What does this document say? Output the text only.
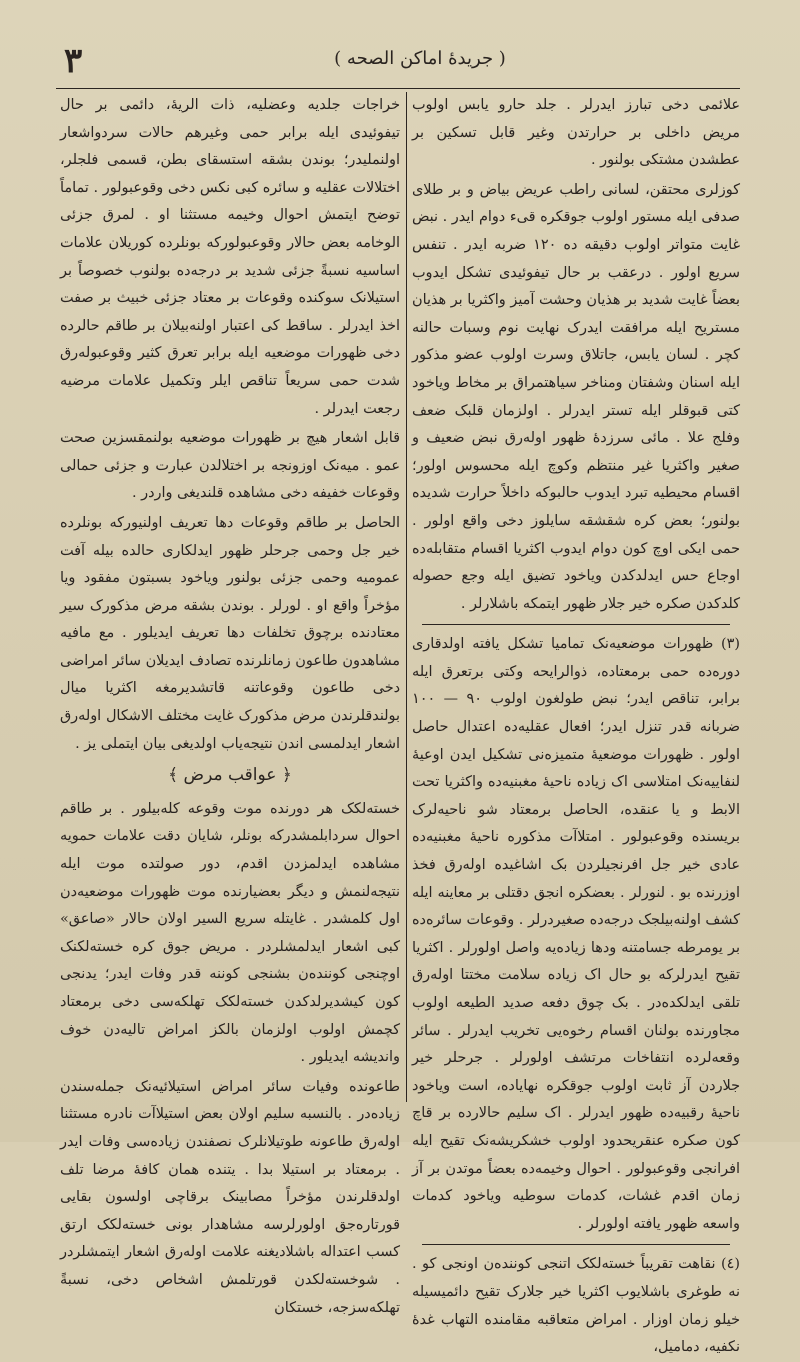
٣	( جریدهٔ اماکن الصحه )

علائمی دخی تبارز ایدرلر . جلد حارو یابس اولوب مریض داخلی بر حرارتدن وغیر قابل تسکین بر عطشدن مشتکی بولنور .

کوزلری محتقن، لسانی راطب عریض بیاض و بر طلای صدفی ایله مستور اولوب جوقکره قیء دوام ایدر . نبض غایت متواتر اولوب دقیقه ده ۱۲۰ ضربه ایدر . تنفس سریع اولور . درعقب بر حال تیفوئیدی تشکل ایدوب بعضاً غایت شدید بر هذیان وحشت آمیز واکثریا بر هذیان مستریح ایله مرافقت ایدرک نهایت نوم وسبات حالنه کچر . لسان یابس، جاتلاق وسرت اولوب عضو مذکور ایله اسنان وشفتان ومناخر سیاهتمراق بر مخاط وياخود کتی قبوقلر ایله تستر ایدرلر . اولزمان قلبک ضعف وفلج علا . مائی سرزدهٔ ظهور اوله‌رق نبض ضعیف و صغیر واکثریا غیر منتظم وکوچ ایله محسوس اولور؛ اقسام محیطیه تبرد ایدوب حالبوکه داخلاً حرارت شدیده بولنور؛ بعض کره شقشقه سایلوز دخی واقع اولور . حمی ایکی اوچ کون دوام ایدوب اکثریا اقسام متقابله‌ده اوجاع حس ایدلدکدن وياخود تضیق ایله وجع حصوله کلدکدن صکره خیر جلار ظهور ایتمکه باشلارلر .

(٣) ظهورات موضعیه‌نک تمامیا تشکل یافته اولدقاری دوره‌ده حمی برمعتاده، ذوالرایحه وکتی برتعرق ایله برابر، تناقص ایدر؛ نبض طولغون اولوب ۹۰ — ۱۰۰ ضربانه قدر تنزل ایدر؛ افعال عقلیه‌ده اعتدال حاصل اولور . ظهورات موضعیهٔ متمیزه‌نی تشکیل ایدن اوعیهٔ لنفاییه‌نک امتلاسی اک زیاده ناحیهٔ مغبنیه‌ده واکثریا تحت الابط و یا عنقده، الحاصل برمعتاد شو ناحیه‌لرک بریسنده وقوعبولور . امتلاآت مذکوره ناحیهٔ مغبنیه‌ده عادی خیر جل افرنجیلردن بک اشاغیده اوله‌رق فخذ اوزرنده بو . لنورلر . بعضکره انجق دقتلی بر معاینه ایله کشف اولنه‌بیلجک درجه‌ده صغیردرلر . وقوعات سائره‌ده بر یومرطه جسامتنه ودها زیاده‌یه واصل اولورلر . اکثریا تقیح ایدرلرکه بو حال اک زیاده سلامت مختتا اوله‌رق تلقی ایدلکده‌در . بک چوق دفعه صدید الطیعه اولوب مجاورنده بولنان اقسام رخوه‌یی تخریب ایدرلر . سائر وقعه‌لرده انتفاخات مرتشف اولورلر . جرحلر خیر جلاردن آز ثابت اولوب جوقکره نهایاده، است وياخود ناحیهٔ رقبیه‌ده ظهور ایدرلر . اک سلیم حالارده بر قاچ کون صکره عنقریحدود اولوب خشکریشه‌نک تقیح ایله افرانجی وقوعبولور . احوال وخیمه‌ده بعضاً موتدن بر آز زمان اقدم غشات، کدمات سوطیه وياخود کدمات واسعه ظهور یافته اولورلر .

(٤) نقاهت تقریباً خسته‌لکک اتنجی کوننده‌ن اونجی کو . نه طوغری باشلایوب اکثریا خیر جلارک تقیح دائمیسیله خیلو زمان اوزار . امراض متعاقبه مقامنده التهاب غدهٔ نکفیه، دمامیل،

خراجات جلدیه وعضلیه، ذات الریهٔ، دائمی بر حال تیفوئیدی ایله برابر حمی وغیرهم حالات سردواشعار اولنملیدر؛ بوندن بشقه استسقای بطن، قسمی فلجلر، اختلالات عقلیه و سائره کبی نکس دخی وقوعبولور . تماماً توضح ایتمش احوال وخیمه مستثنا او . لمرق جزئی الوخامه بعض حالار وقوعبولورکه بونلرده کوریلان علامات اساسیه نسبةً جزئی شدید بر درجه‌ده بولنوب خصوصاً بر استیلانک سوکنده وقوعات بر معتاد جزئی خبیث بر صفت اخذ ایدرلر . ساقط کی اعتبار اولنه‌بیلان بر طاقم حالرده دخی ظهورات موضعیه ایله برابر تعرق کثیر وقوعبوله‌رق شدت حمی سریعاً تناقص ایلر وتکمیل علامات مرضیه رجعت ایدرلر .

قابل اشعار هیچ بر ظهورات موضعیه بولنمقسزین صحت عمو . میه‌نک اوزونجه بر اختلالدن عبارت و جزئی حمالی وقوعات خفیفه دخی مشاهده قلندیغی واردر .

الحاصل بر طاقم وقوعات دها تعریف اولنیورکه بونلرده خیر جل وحمی جرحلر ظهور ایدلکاری حالده بیله آفت عمومیه وحمی جزئی بولنور وياخود بسبتون مفقود ویا مؤخراً واقع او . لورلر . بوندن بشقه مرض مذکورک سیر معتادنده برچوق تخلفات دها تعریف ایدیلور . مع مافیه مشاهدون طاعون زمانلرنده تصادف ایدیلان سائر امراضی دخی طاعون وقوعاتنه قاتشدیرمغه اکثریا میال بولندقلرندن مرض مذکورک غایت مختلف الاشکال اوله‌رق اشعار ایدلمسی اندن نتیجه‌یاب اولدیغی بیان ایتملی یز .

﴿ عواقب مرض ﴾

خسته‌لکک هر دورنده موت وقوعه کله‌بیلور . بر طاقم احوال سردابلمشدرکه بونلر، شایان دقت علامات حمویه مشاهده ایدلمزدن اقدم، دور صولتده موت ایله نتیجه‌لنمش و دیگر بعضیارنده موت ظهورات موضعیه‌دن اول کلمشدر . غایتله سریع السیر اولان حالار «صاعق» کبی اشعار ایدلمشلردر . مریض جوق کره خسته‌لکنک اوچنجی کوننده‌ن بشنجی کوننه قدر وفات ایدر؛ یدنجی کون کیشدیرلدکدن خسته‌لکک تهلکه‌سی دخی برمعتاد کچمش اولوب اولزمان بالکز امراض تالیه‌دن خوف واندیشه ایدیلور .

طاعونده وفیات سائر امراض استیلائیه‌نک جمله‌سندن زیاده‌در . بالنسبه سلیم اولان بعض استیلاآت نادره مستثنا اوله‌رق طاعونه طوتیلانلرک نصفندن زیاده‌سی وفات ایدر . برمعتاد بر استیلا بدا . یتنده همان کافهٔ مرضا تلف اولدقلرندن مؤخراً مصابینک برقاچی اولسون بقایی قورتاره‌جق اولورلرسه مشاهدار بونی خسته‌لکک ارتق کسب اعتداله باشلادیغنه علامت اوله‌رق اشعار ایتمشلردر . شوخسته‌لکدن قورتلمش اشخاص دخی، نسبةً تهلکه‌سزجه، خستکان
